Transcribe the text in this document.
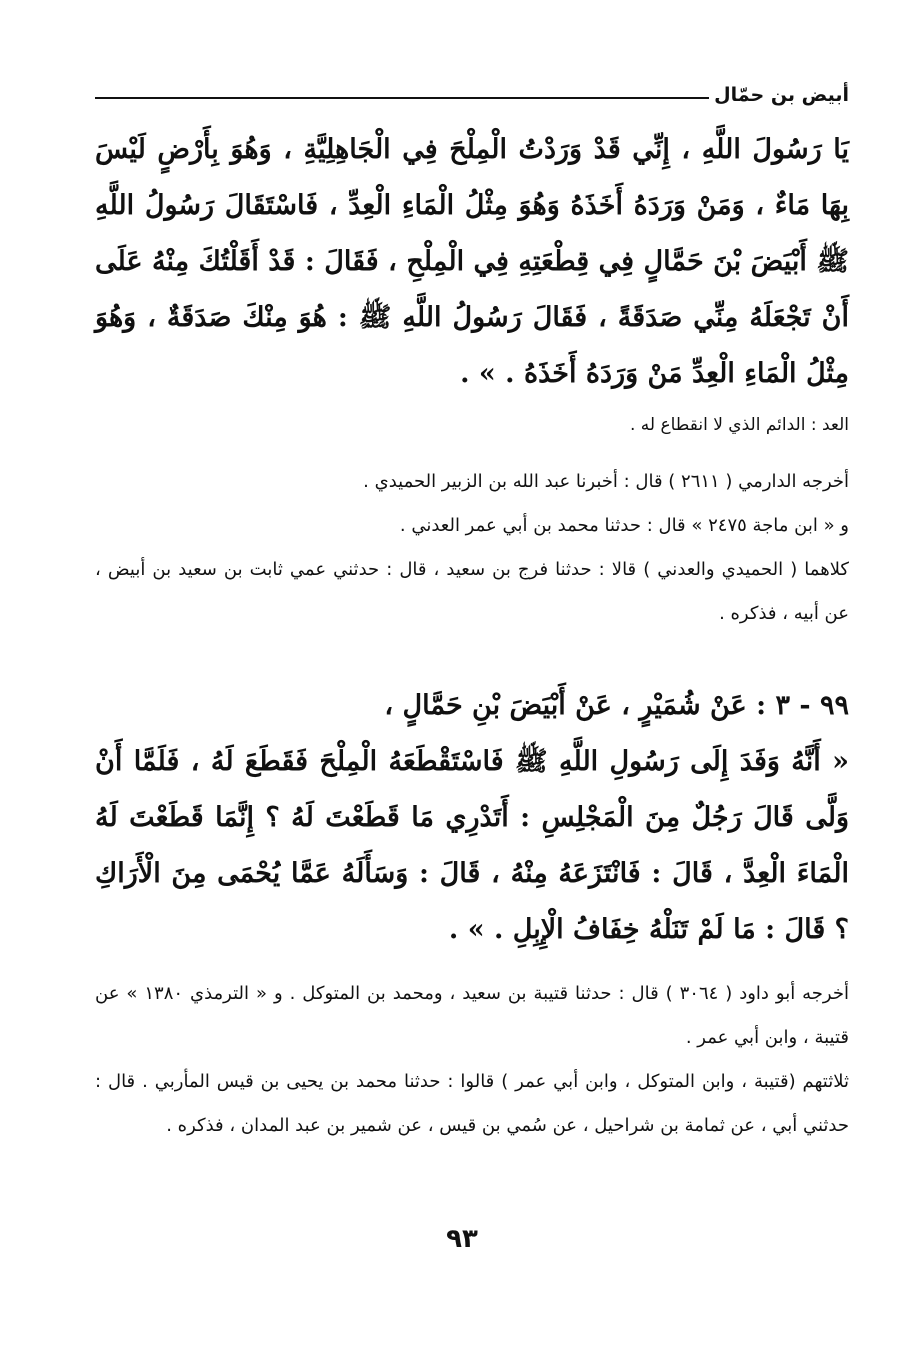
أبيض بن حمّال

يَا رَسُولَ اللَّهِ ، إِنِّي قَدْ وَرَدْتُ الْمِلْحَ فِي الْجَاهِلِيَّةِ ، وَهُوَ بِأَرْضٍ لَيْسَ بِهَا مَاءٌ ، وَمَنْ وَرَدَهُ أَخَذَهُ وَهُوَ مِثْلُ الْمَاءِ الْعِدِّ ، فَاسْتَقَالَ رَسُولُ اللَّهِ ﷺ أَبْيَضَ بْنَ حَمَّالٍ فِي قِطْعَتِهِ فِي الْمِلْحِ ، فَقَالَ : قَدْ أَقَلْتُكَ مِنْهُ عَلَى أَنْ تَجْعَلَهُ مِنِّي صَدَقَةً ، فَقَالَ رَسُولُ اللَّهِ ﷺ : هُوَ مِنْكَ صَدَقَةٌ ، وَهُوَ مِثْلُ الْمَاءِ الْعِدِّ مَنْ وَرَدَهُ أَخَذَهُ . » .

العد : الدائم الذي لا انقطاع له .

أخرجه الدارمي ( ٢٦١١ ) قال : أخبرنا عبد الله بن الزبير الحميدي .

و « ابن ماجة ٢٤٧٥ » قال : حدثنا محمد بن أبي عمر العدني .

كلاهما ( الحميدي والعدني ) قالا : حدثنا فرج بن سعيد ، قال : حدثني عمي ثابت بن سعيد بن أبيض ، عن أبيه ، فذكره .

٩٩ - ٣ : عَنْ شُمَيْرٍ ، عَنْ أَبْيَضَ بْنِ حَمَّالٍ ،

« أَنَّهُ وَفَدَ إِلَى رَسُولِ اللَّهِ ﷺ فَاسْتَقْطَعَهُ الْمِلْحَ فَقَطَعَ لَهُ ، فَلَمَّا أَنْ وَلَّى قَالَ رَجُلٌ مِنَ الْمَجْلِسِ : أَتَدْرِي مَا قَطَعْتَ لَهُ ؟ إِنَّمَا قَطَعْتَ لَهُ الْمَاءَ الْعِدَّ ، قَالَ : فَانْتَزَعَهُ مِنْهُ ، قَالَ : وَسَأَلَهُ عَمَّا يُحْمَى مِنَ الْأَرَاكِ ؟ قَالَ : مَا لَمْ تَنَلْهُ خِفَافُ الْإِبِلِ . » .

أخرجه أبو داود ( ٣٠٦٤ ) قال : حدثنا قتيبة بن سعيد ، ومحمد بن المتوكل . و « الترمذي ١٣٨٠ » عن قتيبة ، وابن أبي عمر .

ثلاثتهم (قتيبة ، وابن المتوكل ، وابن أبي عمر ) قالوا : حدثنا محمد بن يحيى بن قيس المأربي . قال : حدثني أبي ، عن ثمامة بن شراحيل ، عن سُمي بن قيس ، عن شمير بن عبد المدان ، فذكره .

٩٣
